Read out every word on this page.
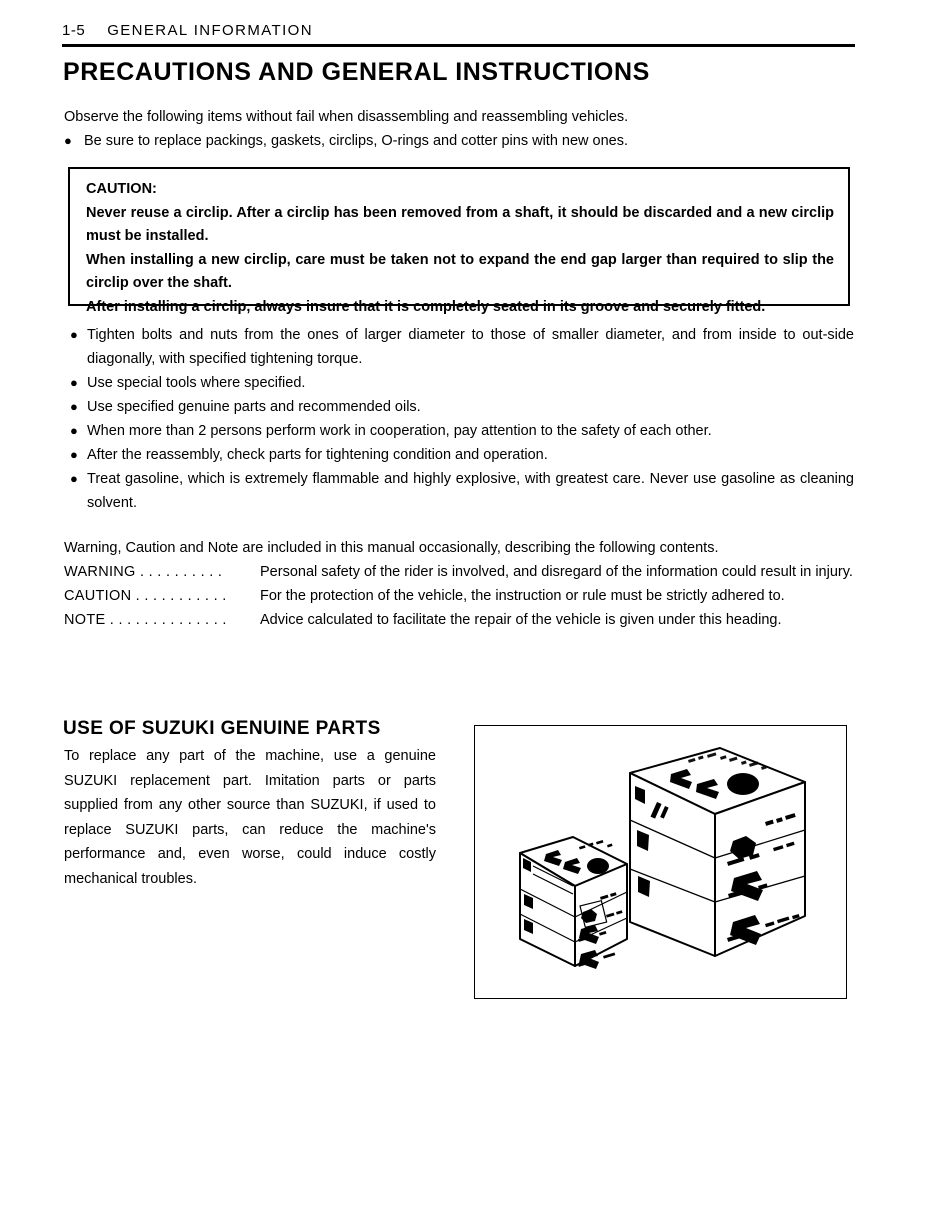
1-5 GENERAL INFORMATION
PRECAUTIONS AND GENERAL INSTRUCTIONS
Observe the following items without fail when disassembling and reassembling vehicles.
● Be sure to replace packings, gaskets, circlips, O-rings and cotter pins with new ones.

CAUTION:

Never reuse a circlip. After a circlip has been removed from a shaft, it should be discarded and a new circlip must be installed.

When installing a new circlip, care must be taken not to expand the end gap larger than required to slip the circlip over the shaft.

After installing a circlip, always insure that it is completely seated in its groove and securely fitted.

● Tighten bolts and nuts from the ones of larger diameter to those of smaller diameter, and from inside to out-side diagonally, with specified tightening torque.
● Use special tools where specified.
● Use specified genuine parts and recommended oils.
● When more than 2 persons perform work in cooperation, pay attention to the safety of each other.
● After the reassembly, check parts for tightening condition and operation.
● Treat gasoline, which is extremely flammable and highly explosive, with greatest care. Never use gasoline as cleaning solvent.
Warning, Caution and Note are included in this manual occasionally, describing the following contents.
WARNING . . . . . . . . . .	Personal safety of the rider is involved, and disregard of the information could result in injury.
CAUTION . . . . . . . . . . .	For the protection of the vehicle, the instruction or rule must be strictly adhered to.
NOTE . . . . . . . . . . . . . .	Advice calculated to facilitate the repair of the vehicle is given under this heading.
USE OF SUZUKI GENUINE PARTS

To replace any part of the machine, use a genuine SUZUKI replacement part. Imitation parts or parts supplied from any other source than SUZUKI, if used to replace SUZUKI parts, can reduce the machine's performance and, even worse, could induce costly mechanical troubles.
